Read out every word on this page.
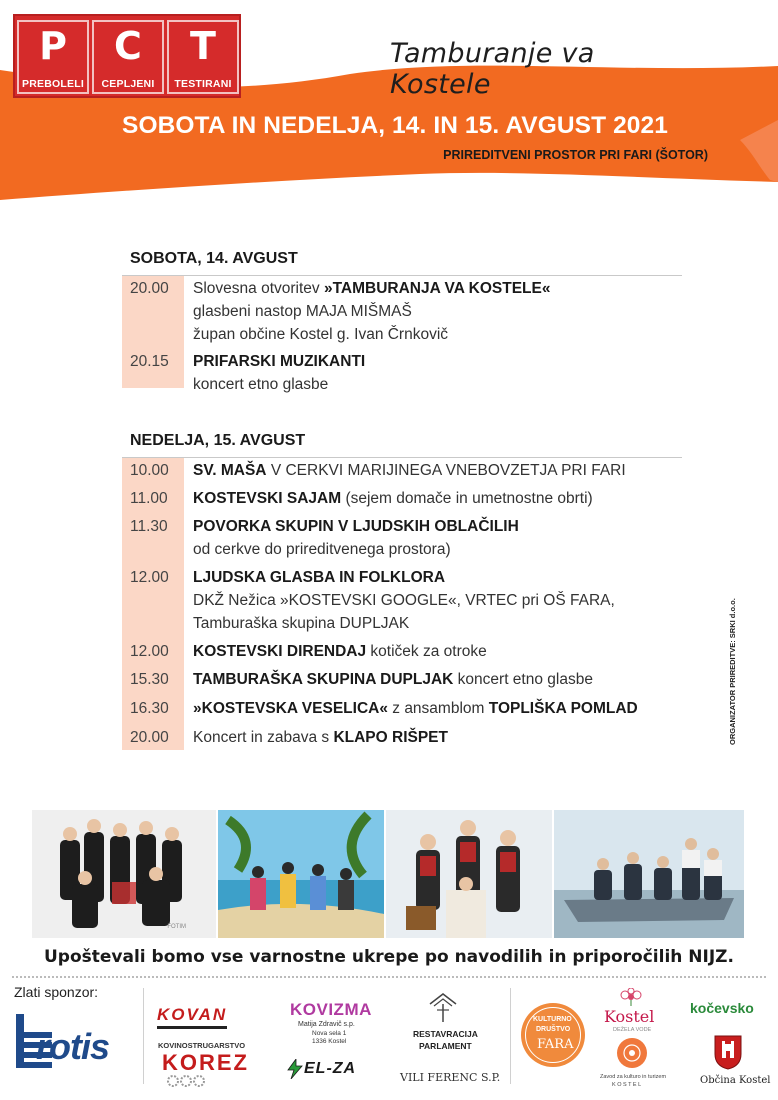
P
PREBOLELI
C
CEPLJENI
T
TESTIRANI
Tamburanje va Kostele
SOBOTA IN NEDELJA, 14. IN 15. AVGUST 2021
PRIREDITVENI PROSTOR PRI FARI (ŠOTOR)
SOBOTA, 14. AVGUST
20.00 Slovesna otvoritev »TAMBURANJA VA KOSTELE«
glasbeni nastop MAJA MIŠMAŠ
župan občine Kostel g. Ivan Črnkovič
20.15 PRIFARSKI MUZIKANTI
koncert etno glasbe
NEDELJA, 15. AVGUST
10.00 SV. MAŠA V CERKVI MARIJINEGA VNEBOVZETJA PRI FARI
11.00 KOSTEVSKI SAJAM (sejem domače in umetnostne obrti)
11.30 POVORKA SKUPIN V LJUDSKIH OBLAČILIH
od cerkve do prireditvenega prostora)
12.00 LJUDSKA GLASBA IN FOLKLORA
DKŽ Nežica »KOSTEVSKI GOOGLE«, VRTEC pri OŠ FARA,
Tamburaška skupina DUPLJAK
12.00 KOSTEVSKI DIRENDAJ kotiček za otroke
15.30 TAMBURAŠKA SKUPINA DUPLJAK koncert etno glasbe
16.30 »KOSTEVSKA VESELICA« z ansamblom TOPLIŠKA POMLAD
20.00 Koncert in zabava s KLAPO RIŠPET	ORGANIZATOR PRIREDITVE: SRKI d.o.o.
FOTIM
Upoštevali bomo vse varnostne ukrepe po navodilih in priporočilih NIJZ.
Zlati sponzor:
rotis
KOVAN
KOVINOSTRUGARSTVO
KOREZ
KOVIZMA
Matija Zdravič s.p.
Nova sela 1
1336 Kostel
EL-ZA
RESTAVRACIJA
PARLAMENT
VILI FERENC S.P.
KULTURNO
DRUŠTVO
FARA
Kostel
DEŽELA VODE
Zavod za kulturo in turizem
K O S T E L
kočevsko
Občina Kostel
